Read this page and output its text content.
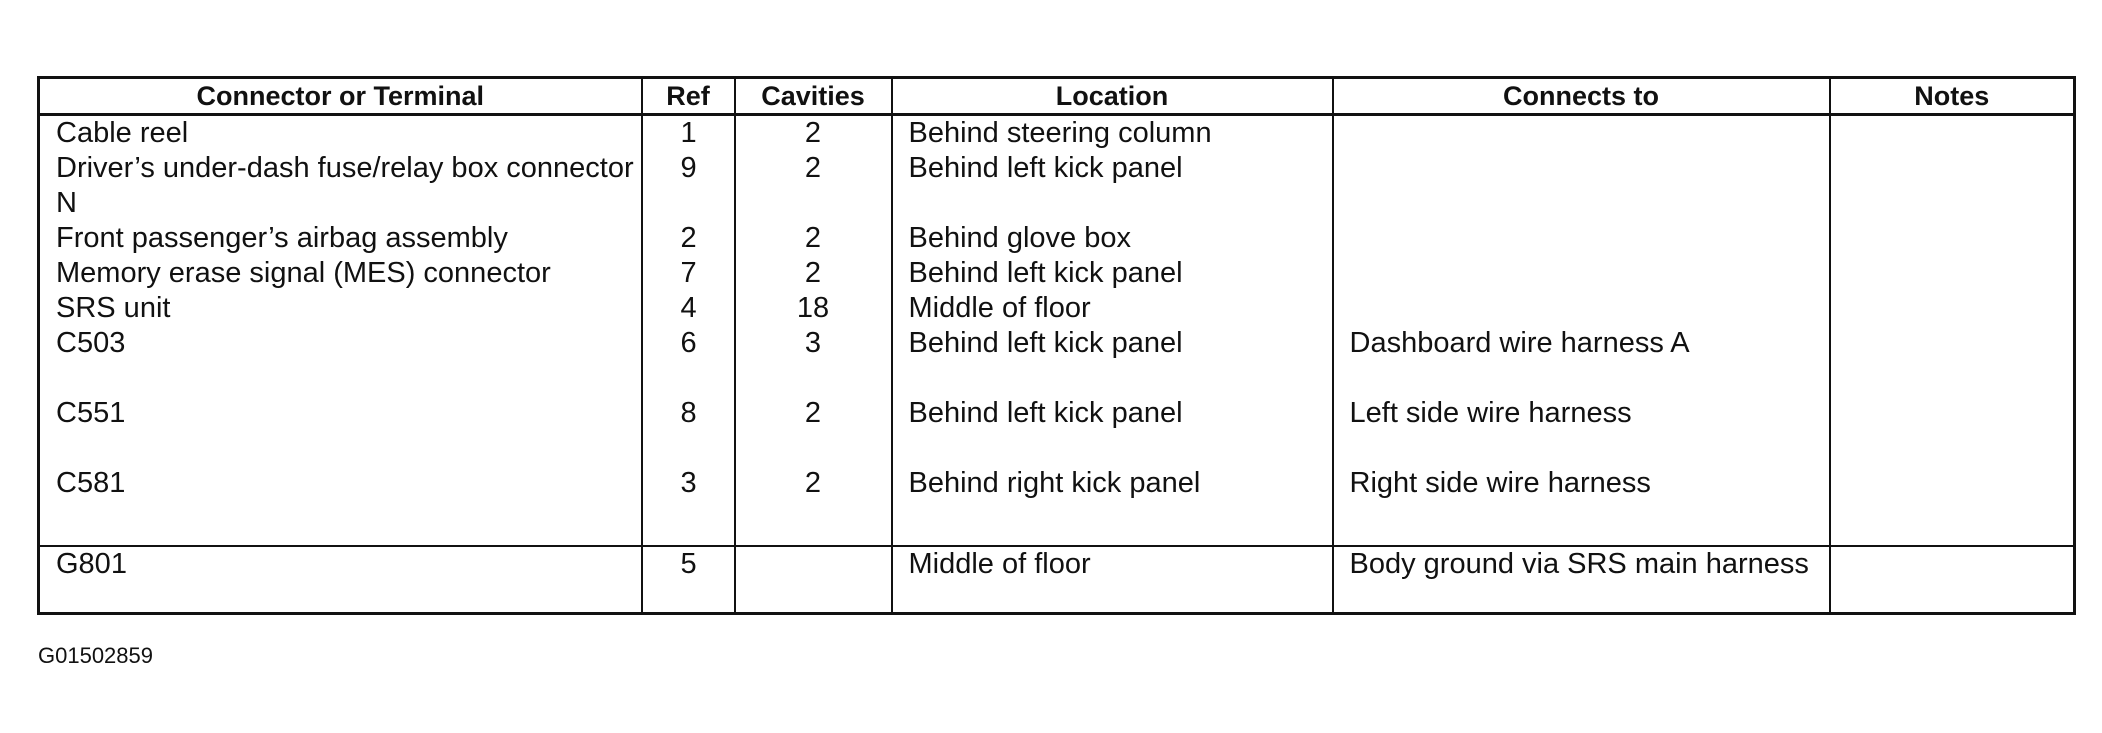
Connector or Terminal	Ref	Cavities	Location	Connects to	Notes
Cable reel	1	2	Behind steering column		
Driver’s under-dash fuse/relay box connector N	9	2	Behind left kick panel		
Front passenger’s airbag assembly	2	2	Behind glove box		
Memory erase signal (MES) connector	7	2	Behind left kick panel		
SRS unit	4	18	Middle of floor		
C503	6	3	Behind left kick panel	Dashboard wire harness A	
C551	8	2	Behind left kick panel	Left side wire harness	
C581	3	2	Behind right kick panel	Right side wire harness	
G801	5		Middle of floor	Body ground via SRS main harness	
G01502859
